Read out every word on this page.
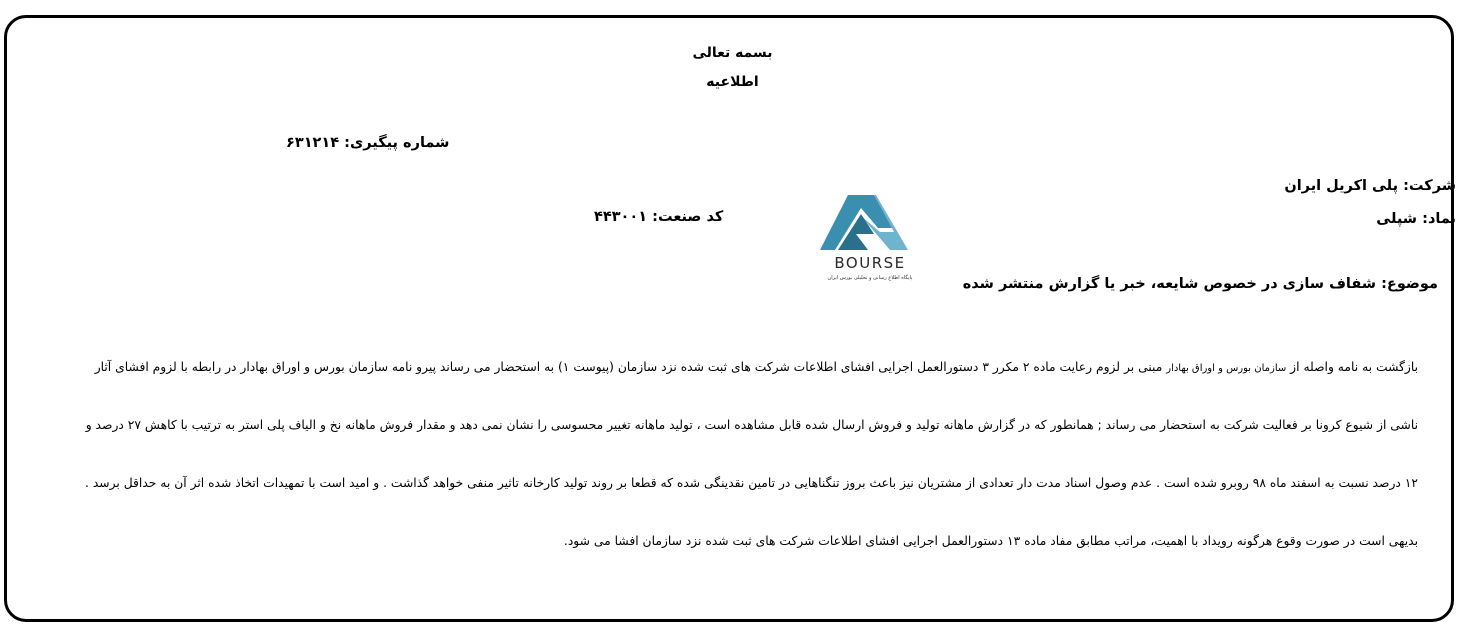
بسمه تعالی
اطلاعیه
شماره پیگیری: ۶۳۱۲۱۴
شرکت: پلی اکریل ایران
نماد: شپلی
کد صنعت: ۴۴۳۰۰۱
موضوع: شفاف سازی در خصوص شایعه، خبر یا گزارش منتشر شده
BOURSE
پایگاه اطلاع رسانی و تحلیلی بورس ایران
بازگشت به نامه واصله از سازمان بورس و اوراق بهادار مبنی بر لزوم رعایت ماده ۲ مکرر ۳ دستورالعمل اجرایی افشای اطلاعات شرکت های ثبت شده نزد سازمان (پیوست ۱) به استحضار می رساند پیرو نامه سازمان بورس و اوراق بهادار در رابطه با لزوم افشای آثار
ناشی از شیوع کرونا بر فعالیت شرکت به استحضار می رساند ; همانطور که در گزارش ماهانه تولید و فروش ارسال شده قابل مشاهده است ، تولید ماهانه تغییر محسوسی را نشان نمی دهد و مقدار فروش ماهانه نخ و الیاف پلی استر به ترتیب با کاهش ۲۷ درصد و
۱۲ درصد نسبت به اسفند ماه ۹۸ روبرو شده است . عدم وصول اسناد مدت دار تعدادی از مشتریان نیز باعث بروز تنگناهایی در تامین نقدینگی شده که قطعا بر روند تولید کارخانه تاثیر منفی خواهد گذاشت . و امید است با تمهیدات اتخاذ شده اثر آن به حداقل برسد .
بدیهی است در صورت وقوع هرگونه رویداد با اهمیت، مراتب مطابق مفاد ماده ۱۳ دستورالعمل اجرایی افشای اطلاعات شرکت های ثبت شده نزد سازمان افشا می شود.
